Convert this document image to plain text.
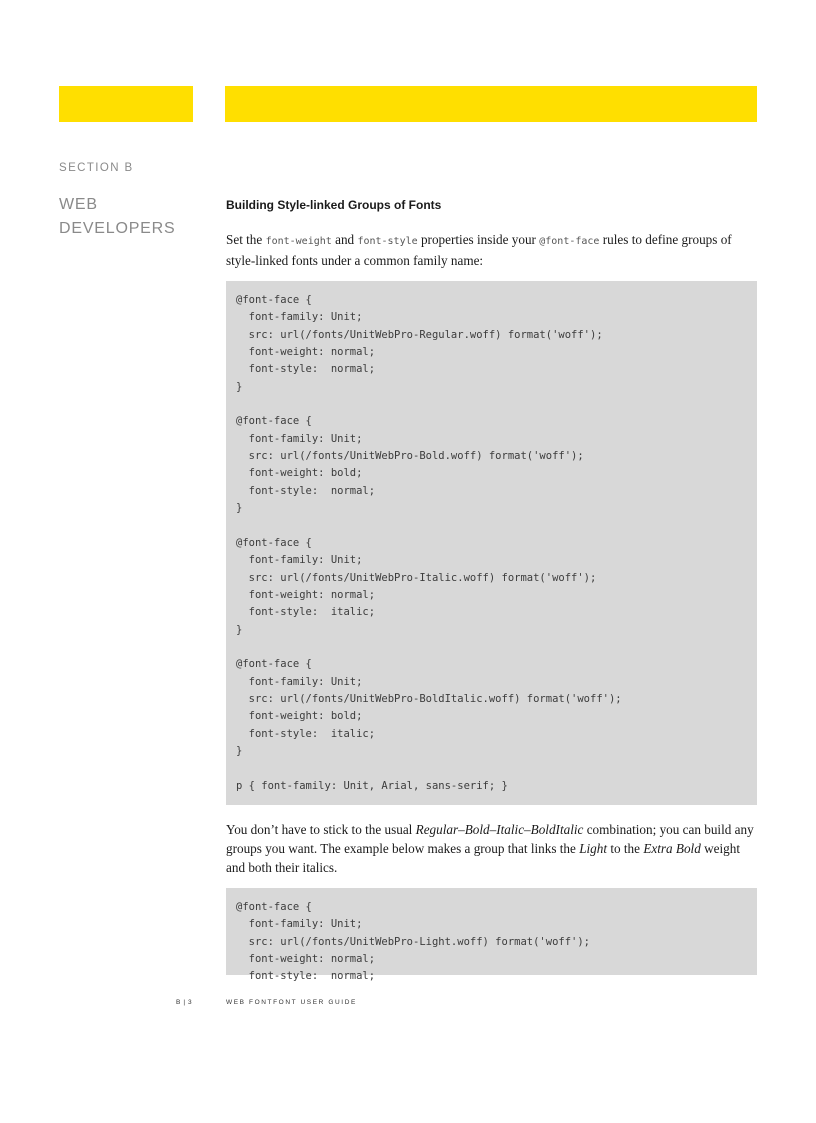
SECTION B
WEB
DEVELOPERS
Building Style-linked Groups of Fonts

Set the font-weight and font-style properties inside your @font-face rules to define groups of style-linked fonts under a common family name:

@font-face {
font-family: Unit;
src: url(/fonts/UnitWebPro-Regular.woff) format('woff');
font-weight: normal;
font-style:  normal;
}

@font-face {
font-family: Unit;
src: url(/fonts/UnitWebPro-Bold.woff) format('woff');
font-weight: bold;
font-style:  normal;
}

@font-face {
font-family: Unit;
src: url(/fonts/UnitWebPro-Italic.woff) format('woff');
font-weight: normal;
font-style:  italic;
}

@font-face {
font-family: Unit;
src: url(/fonts/UnitWebPro-BoldItalic.woff) format('woff');
font-weight: bold;
font-style:  italic;
}

p { font-family: Unit, Arial, sans-serif; }

You don’t have to stick to the usual Regular–Bold–Italic–BoldItalic combination; you can build any groups you want. The example below makes a group that links the Light to the Extra Bold weight and both their italics.

@font-face {
font-family: Unit;
src: url(/fonts/UnitWebPro-Light.woff) format('woff');
font-weight: normal;
font-style:  normal;
B | 3	WEB FONTFONT USER GUIDE
